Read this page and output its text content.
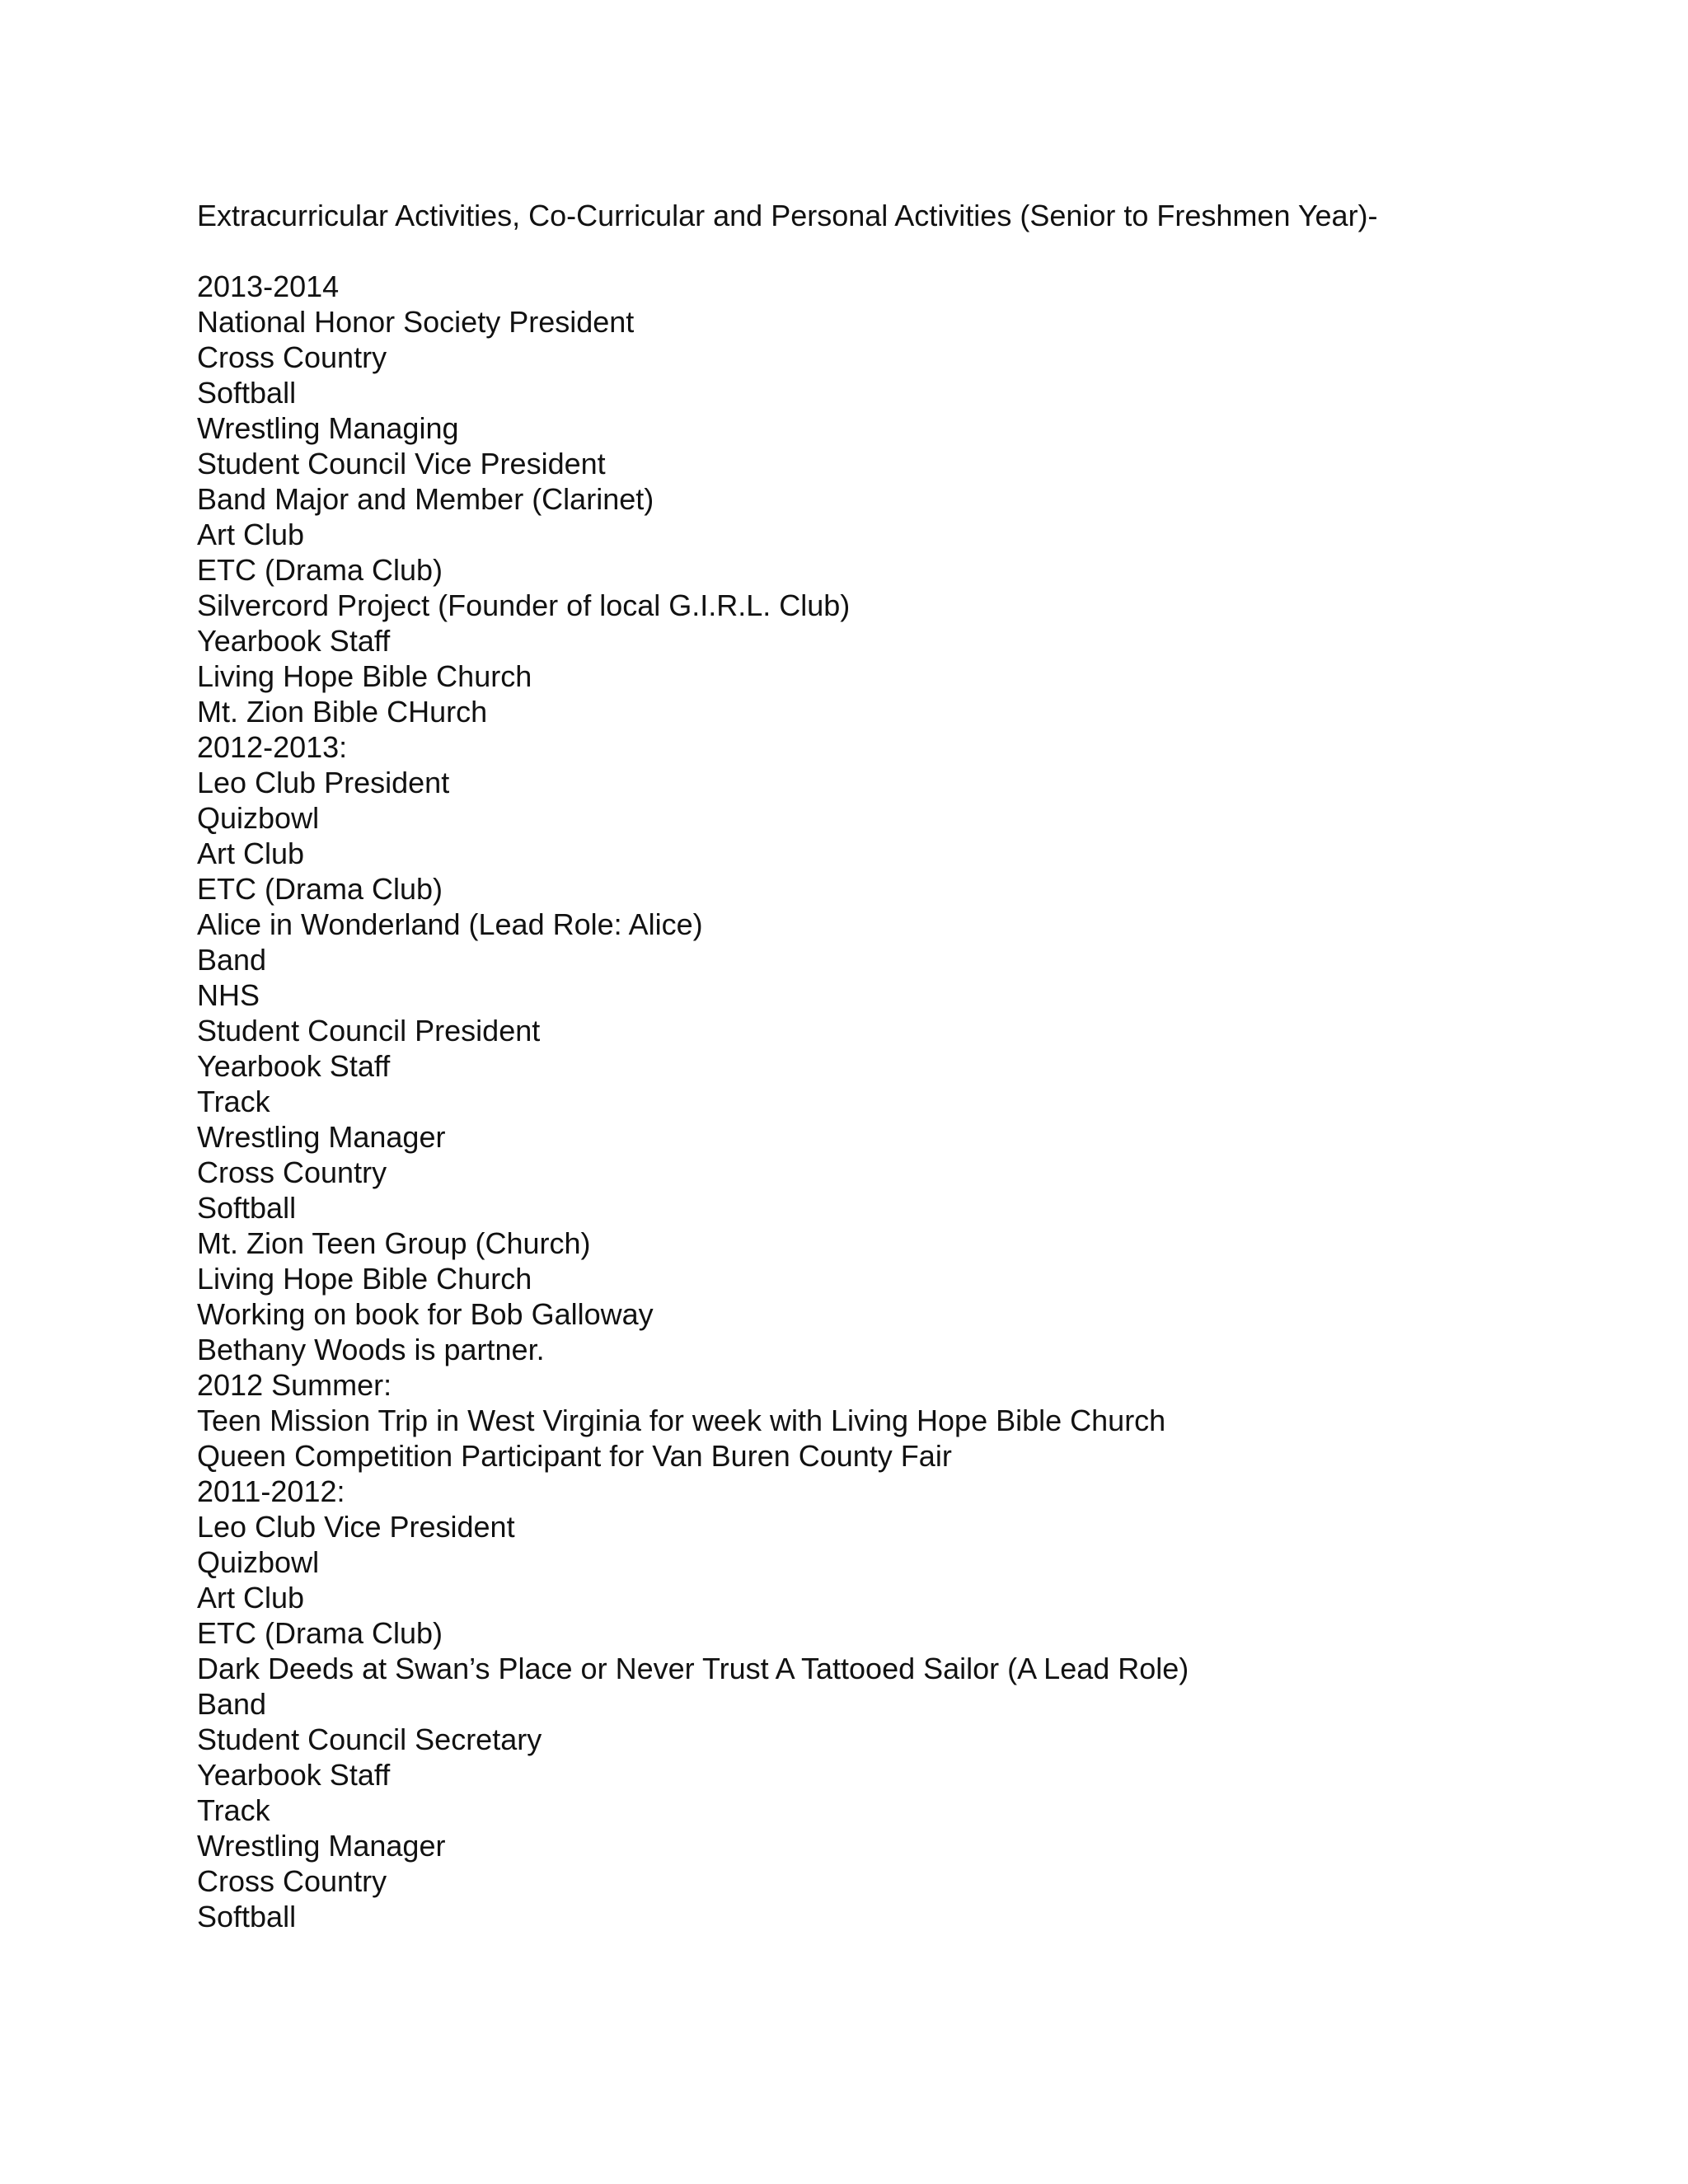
Extracurricular Activities, Co-Curricular and Personal Activities (Senior to Freshmen Year)-

2013-2014

National Honor Society President

Cross Country

Softball

Wrestling Managing

Student Council Vice President

Band Major and Member (Clarinet)

Art Club

ETC (Drama Club)

Silvercord Project (Founder of local G.I.R.L. Club)

Yearbook Staff

Living Hope Bible Church

Mt. Zion Bible CHurch

2012-2013:

Leo Club President

Quizbowl

Art Club

ETC (Drama Club)

Alice in Wonderland (Lead Role: Alice)

Band

NHS

Student Council President

Yearbook Staff

Track

Wrestling Manager

Cross Country

Softball

Mt. Zion Teen Group (Church)

Living Hope Bible Church

Working on book for Bob Galloway

Bethany Woods is partner.

2012 Summer:

Teen Mission Trip in West Virginia for week with Living Hope Bible Church

Queen Competition Participant for Van Buren County Fair

2011-2012:

Leo Club Vice President

Quizbowl

Art Club

ETC (Drama Club)

Dark Deeds at Swan’s Place or Never Trust A Tattooed Sailor (A Lead Role)

Band

Student Council Secretary

Yearbook Staff

Track

Wrestling Manager

Cross Country

Softball
